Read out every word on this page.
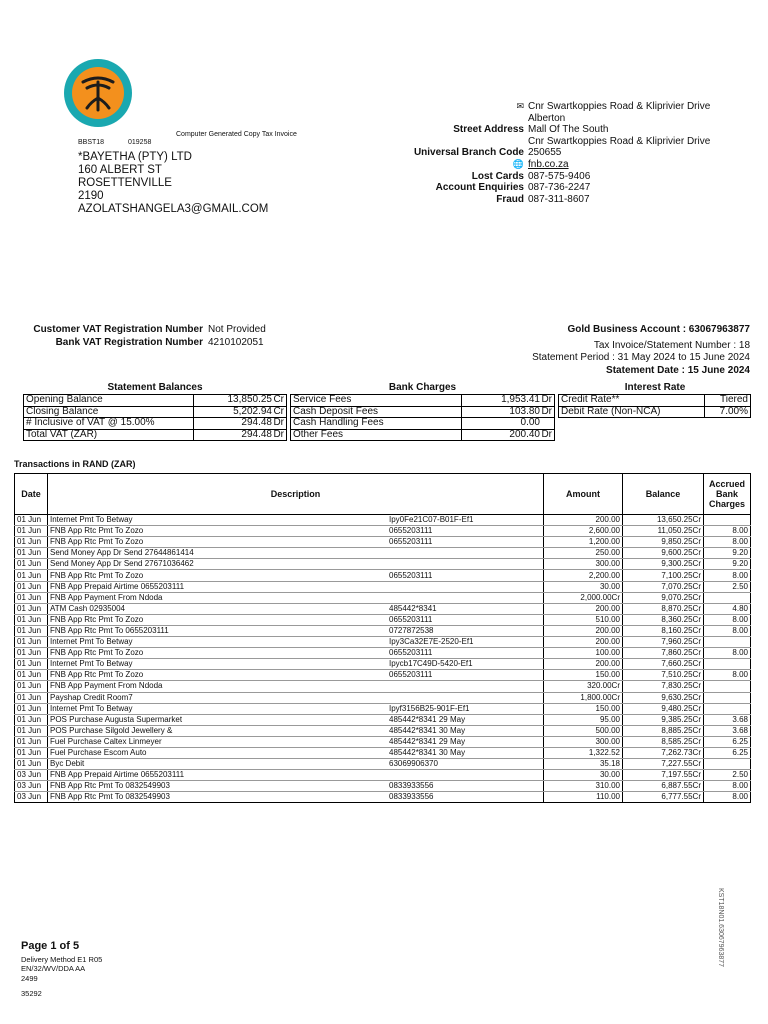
BBST18	019258
Computer Generated Copy Tax Invoice
*BAYETHA (PTY) LTD
160 ALBERT ST
ROSETTENVILLE
2190
AZOLATSHANGELA3@GMAIL.COM
✉ Cnr Swartkoppies Road & Kliprivier Drive
Alberton
Street Address Mall Of The South
Cnr Swartkoppies Road & Kliprivier Drive
Universal Branch Code 250655
🌐 fnb.co.za
Lost Cards 087-575-9406
Account Enquiries 087-736-2247
Fraud 087-311-8607
Customer VAT Registration Number Not Provided
Bank VAT Registration Number 4210102051
Gold Business Account : 63067963877
Tax Invoice/Statement Number : 18
Statement Period : 31 May 2024 to 15 June 2024
Statement Date : 15 June 2024
Statement Balances	Bank Charges	Interest Rate
Opening Balance	13,850.25Cr
Closing Balance	5,202.94Cr
# Inclusive of VAT @ 15.00%	294.48Dr
Total VAT (ZAR)	294.48Dr
Service Fees	1,953.41Dr
Cash Deposit Fees	103.80Dr
Cash Handling Fees	0.00
Other Fees	200.40Dr
Credit Rate**	Tiered
Debit Rate (Non-NCA)	7.00%
Transactions in RAND (ZAR)
Date	Description		Amount	Balance	Accrued Bank Charges
01 Jun	Internet Pmt To Betway	Ipy0Fe21C07-B01F-Ef1	200.00	13,650.25Cr	
01 Jun	FNB App Rtc Pmt To Zozo	0655203111	2,600.00	11,050.25Cr	8.00
01 Jun	FNB App Rtc Pmt To Zozo	0655203111	1,200.00	9,850.25Cr	8.00
01 Jun	Send Money App Dr Send 27644861414		250.00	9,600.25Cr	9.20
01 Jun	Send Money App Dr Send 27671036462		300.00	9,300.25Cr	9.20
01 Jun	FNB App Rtc Pmt To Zozo	0655203111	2,200.00	7,100.25Cr	8.00
01 Jun	FNB App Prepaid Airtime 0655203111		30.00	7,070.25Cr	2.50
01 Jun	FNB App Payment From Ndoda		2,000.00Cr	9,070.25Cr	
01 Jun	ATM Cash 02935004	485442*8341	200.00	8,870.25Cr	4.80
01 Jun	FNB App Rtc Pmt To Zozo	0655203111	510.00	8,360.25Cr	8.00
01 Jun	FNB App Rtc Pmt To 0655203111	0727872538	200.00	8,160.25Cr	8.00
01 Jun	Internet Pmt To Betway	Ipy3Ca32E7E-2520-Ef1	200.00	7,960.25Cr	
01 Jun	FNB App Rtc Pmt To Zozo	0655203111	100.00	7,860.25Cr	8.00
01 Jun	Internet Pmt To Betway	Ipycb17C49D-5420-Ef1	200.00	7,660.25Cr	
01 Jun	FNB App Rtc Pmt To Zozo	0655203111	150.00	7,510.25Cr	8.00
01 Jun	FNB App Payment From Ndoda		320.00Cr	7,830.25Cr	
01 Jun	Payshap Credit Room7		1,800.00Cr	9,630.25Cr	
01 Jun	Internet Pmt To Betway	Ipyf3156B25-901F-Ef1	150.00	9,480.25Cr	
01 Jun	POS Purchase Augusta Supermarket	485442*8341 29 May	95.00	9,385.25Cr	3.68
01 Jun	POS Purchase Silgold Jewellery &	485442*8341 30 May	500.00	8,885.25Cr	3.68
01 Jun	Fuel Purchase Caltex Linmeyer	485442*8341 29 May	300.00	8,585.25Cr	6.25
01 Jun	Fuel Purchase Escom Auto	485442*8341 30 May	1,322.52	7,262.73Cr	6.25
01 Jun	Byc Debit	63069906370	35.18	7,227.55Cr	
03 Jun	FNB App Prepaid Airtime 0655203111		30.00	7,197.55Cr	2.50
03 Jun	FNB App Rtc Pmt To 0832549903	0833933556	310.00	6,887.55Cr	8.00
03 Jun	FNB App Rtc Pmt To 0832549903	0833933556	110.00	6,777.55Cr	8.00
Page 1 of 5
Delivery Method E1 R05
EN/32/WV/DDA AA
2499
35292
KST18N01.63067963877
